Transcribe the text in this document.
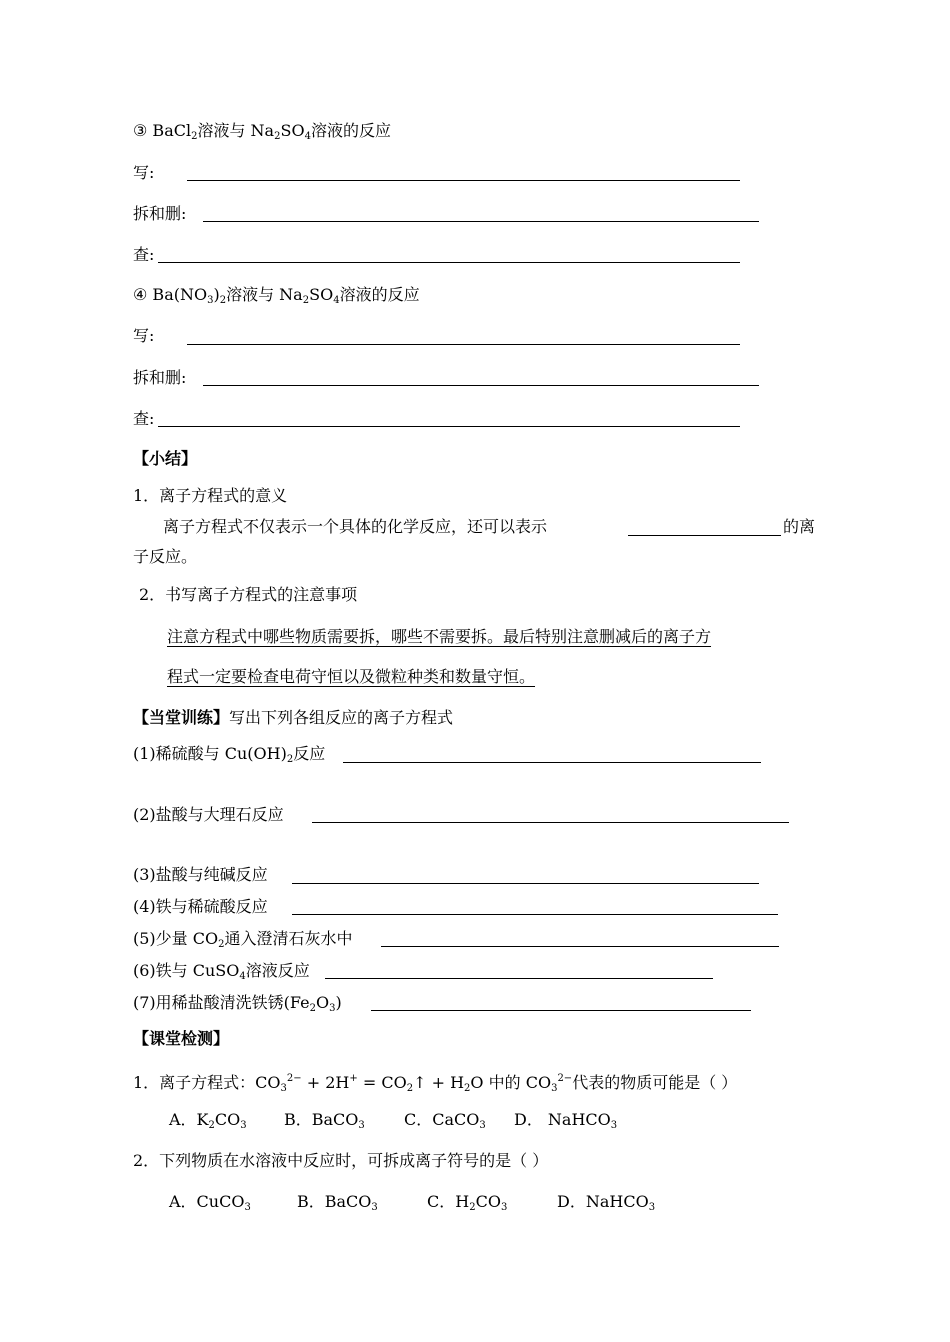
③ BaCl$_2$溶液与 $Na_2SO_4$溶液的反应
写:
拆和删:
查:
④ $Ba(NO_3)_2$溶液与 $Na_2SO_4$溶液的反应
写:
拆和删:
查:
【小结】
1．离子方程式的意义
离子方程式不仅表示一个具体的化学反应，还可以表示	的离
子反应。
2．书写离子方程式的注意事项
注意方程式中哪些物质需要拆，哪些不需要拆。最后特别注意删减后的离子方
程式一定要检查电荷守恒以及微粒种类和数量守恒。
【当堂训练】写出下列各组反应的离子方程式
(1)稀硫酸与 $Cu(OH)_2$反应
(2)盐酸与大理石反应
(3)盐酸与纯碱反应
(4)铁与稀硫酸反应
(5)少量 $CO_2$通入澄清石灰水中
(6)铁与 CuSO$_4$溶液反应
(7)用稀盐酸清洗铁锈$(Fe_2O_3)$
【课堂检测】
1．离子方程式：$CO_3^{2-} + 2H^+$ = $CO_2↑ + H_2O$ 中的 $CO_3^{2-}$代表的物质可能是（ ）
A．$K_2CO_3$ B．BaCO$_3$ C．CaCO$_3$ D． NaHCO$_3$
2．下列物质在水溶液中反应时，可拆成离子符号的是（ ）
A．CuCO$_3$	B．BaCO$_3$	C．$H_2CO_3$	D．NaHCO$_3$
